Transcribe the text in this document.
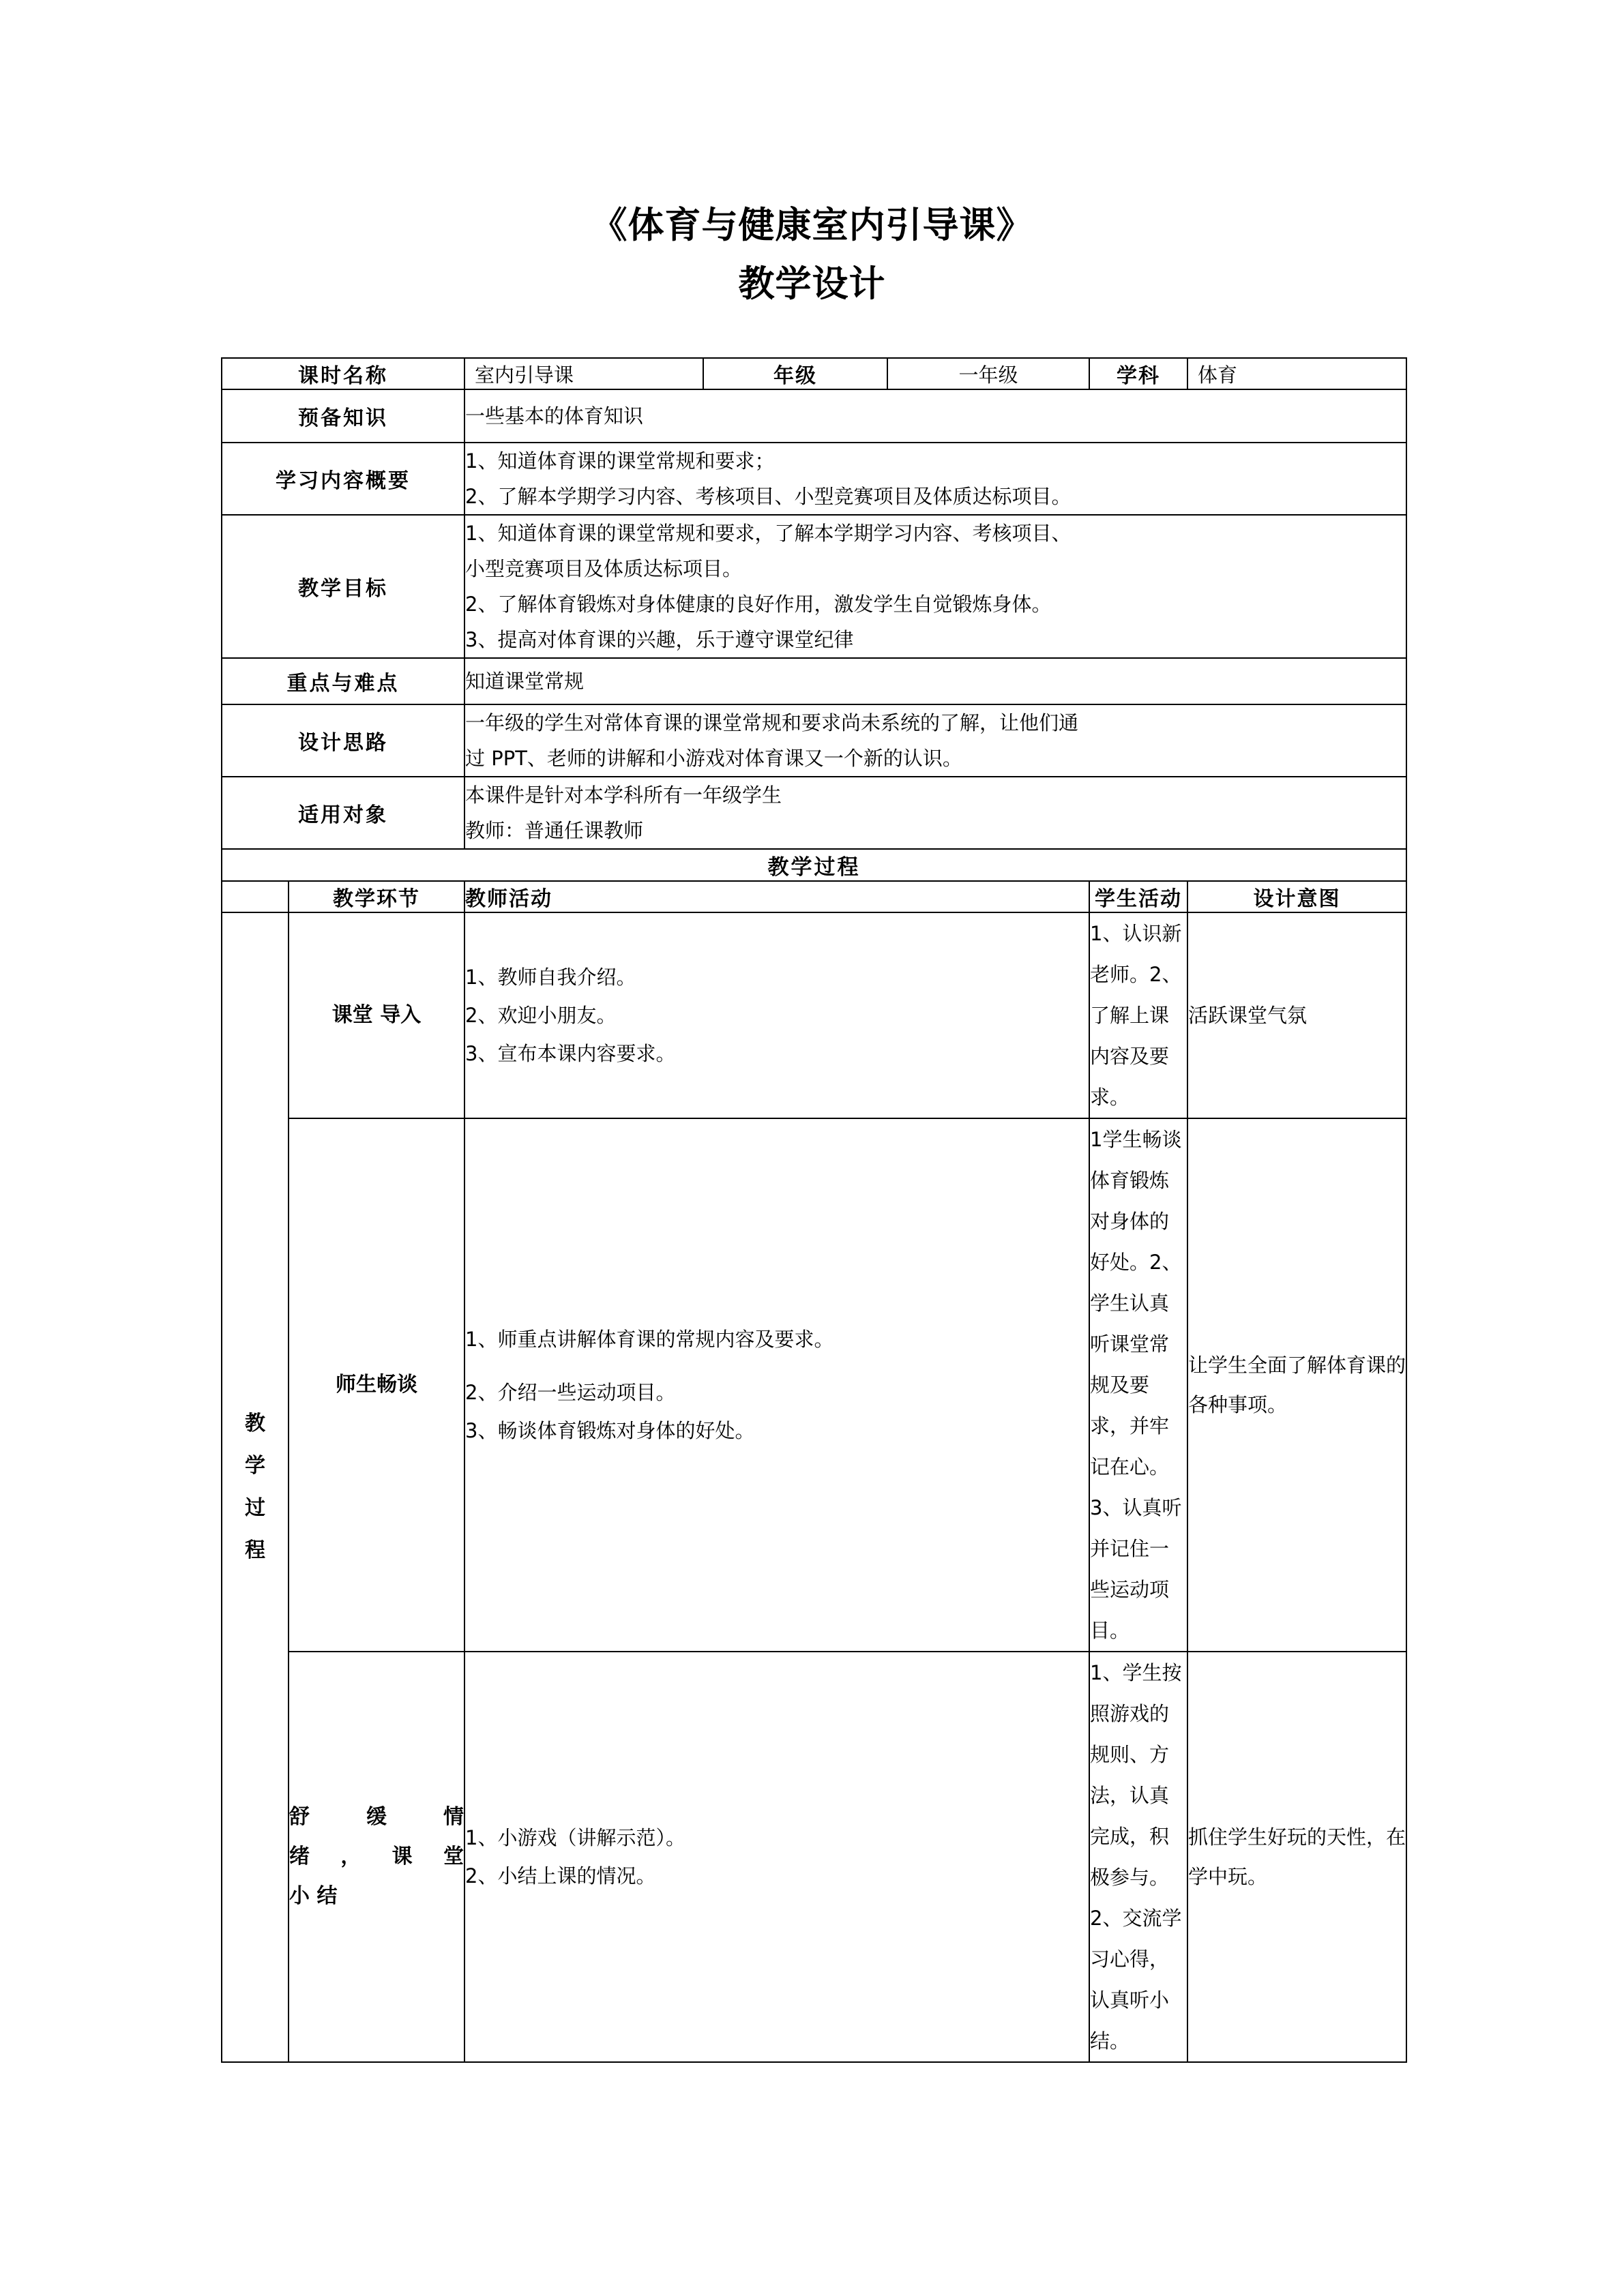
《体育与健康室内引导课》
教学设计
课时名称		室内引导课	年级	一年级	学科	体育
预备知识		一些基本的体育知识				
学习内容概要		1、知道体育课的课堂常规和要求；
2、了解本学期学习内容、考核项目、小型竞赛项目及体质达标项目。				

教学目标		1、知道体育课的课堂常规和要求，了解本学期学习内容、考核项目、
小型竞赛项目及体质达标项目。
2、了解体育锻炼对身体健康的良好作用，激发学生自觉锻炼身体。
3、提高对体育课的兴趣，乐于遵守课堂纪律				

重点与难点		知道课堂常规				
设计思路		一年级的学生对常体育课的课堂常规和要求尚未系统的了解，让他们通
过 PPT、老师的讲解和小游戏对体育课又一个新的认识。				

适用对象		本课件是针对本学科所有一年级学生
教师：普通任课教师				

教学过程						
	教学环节	教师活动			学生活动	设计意图

教
学
过
程	课堂 导入	1、教师自我介绍。
2、欢迎小朋友。
3、宣布本课内容要求。			1、认识新老师。2、了解上课内容及要求。	活跃课堂气氛
	师生畅谈	1、师重点讲解体育课的常规内容及要求。
2、介绍一些运动项目。
3、畅谈体育锻炼对身体的好处。			1学生畅谈体育锻炼对身体的好处。2、学生认真听课堂常规及要求，并牢记在心。3、认真听并记住一些运动项目。	让学生全面了解体育课的各种事项。

	舒缓情
绪 ， 课 堂
小 结	1、小游戏（讲解示范）。
2、小结上课的情况。			1、学生按照游戏的规则、方法，认真完成，积极参与。2、交流学习心得，认真听小结。	抓住学生好玩的天性，在学中玩。
